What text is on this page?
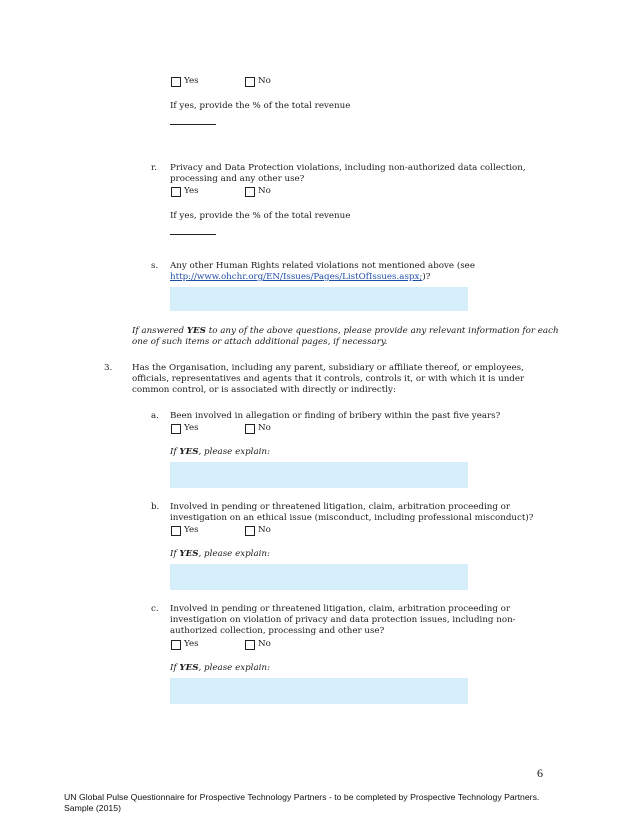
Yes	No
If yes, provide the % of the total revenue
r. Privacy and Data Protection violations, including non-authorized data collection,
processing and any other use?
Yes	No
If yes, provide the % of the total revenue
s. Any other Human Rights related violations not mentioned above (see
http://www.ohchr.org/EN/Issues/Pages/ListOfIssues.aspx;)?
If answered YES to any of the above questions, please provide any relevant information for each
one of such items or attach additional pages, if necessary.
3. Has the Organisation, including any parent, subsidiary or affiliate thereof, or employees,
officials, representatives and agents that it controls, controls it, or with which it is under
common control, or is associated with directly or indirectly:
a. Been involved in allegation or finding of bribery within the past five years?
Yes	No
If YES, please explain:
b. Involved in pending or threatened litigation, claim, arbitration proceeding or
investigation on an ethical issue (misconduct, including professional misconduct)?
Yes	No
If YES, please explain:
c. Involved in pending or threatened litigation, claim, arbitration proceeding or
investigation on violation of privacy and data protection issues, including non-
authorized collection, processing and other use?
Yes	No
If YES, please explain:
6
UN Global Pulse Questionnaire for Prospective Technology Partners - to be completed by Prospective Technology Partners.
Sample (2015)
